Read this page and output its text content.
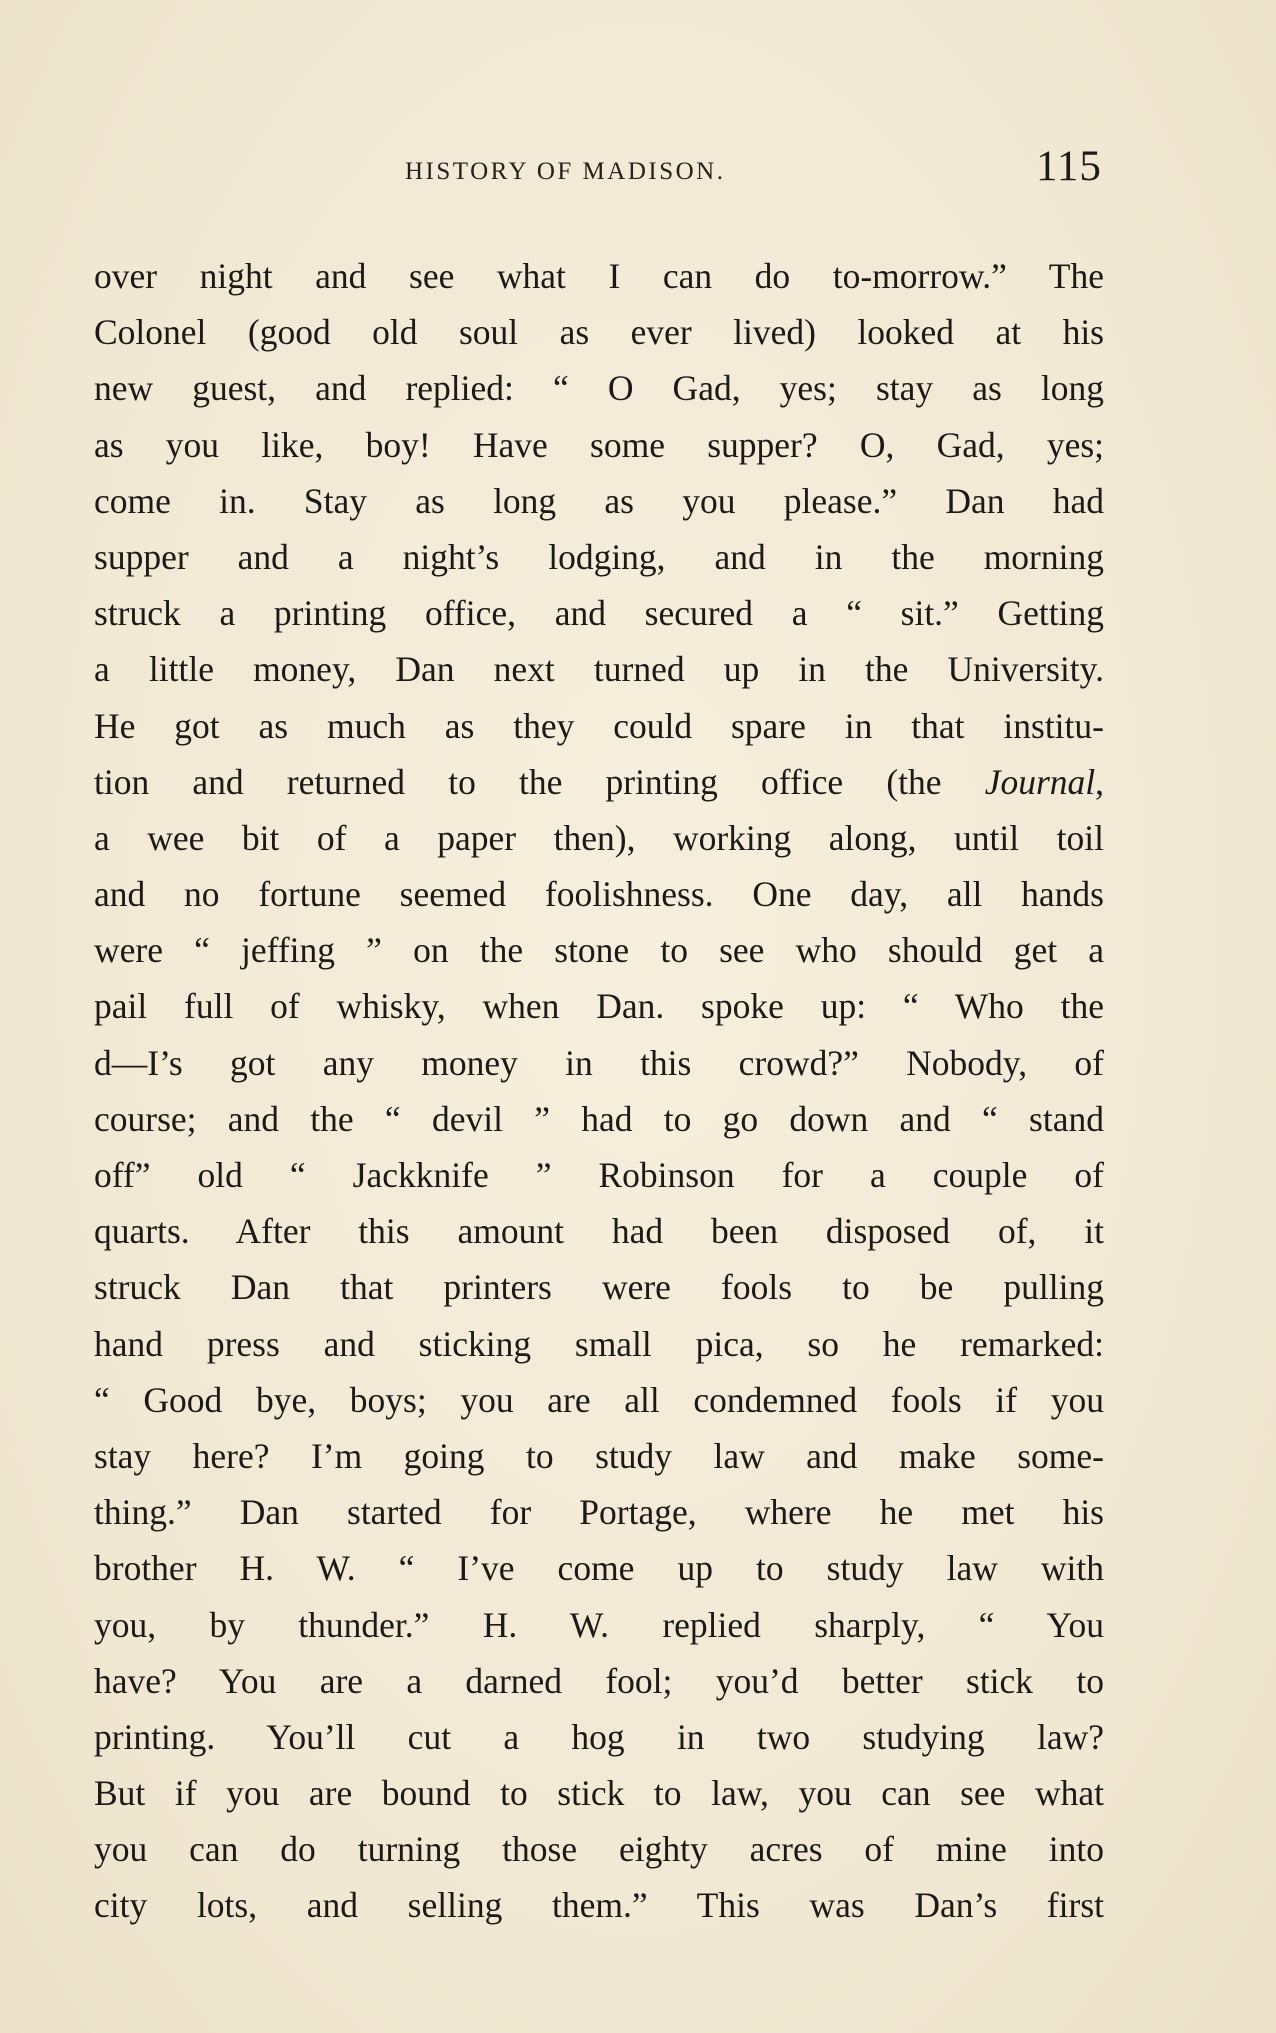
HISTORY OF MADISON.	115
over night and see what I can do to-morrow.” The
Colonel (good old soul as ever lived) looked at his
new guest, and replied: “ O Gad, yes; stay as long
as you like, boy! Have some supper? O, Gad, yes;
come in. Stay as long as you please.” Dan had
supper and a night’s lodging, and in the morning
struck a printing office, and secured a “ sit.” Getting
a little money, Dan next turned up in the University.
He got as much as they could spare in that institu-
tion and returned to the printing office (the Journal,
a wee bit of a paper then), working along, until toil
and no fortune seemed foolishness. One day, all hands
were “ jeffing ” on the stone to see who should get a
pail full of whisky, when Dan. spoke up: “ Who the
d—I’s got any money in this crowd?” Nobody, of
course; and the “ devil ” had to go down and “ stand
off” old “ Jackknife ” Robinson for a couple of
quarts. After this amount had been disposed of, it
struck Dan that printers were fools to be pulling
hand press and sticking small pica, so he remarked:
“ Good bye, boys; you are all condemned fools if you
stay here? I’m going to study law and make some-
thing.” Dan started for Portage, where he met his
brother H. W. “ I’ve come up to study law with
you, by thunder.” H. W. replied sharply, “ You
have? You are a darned fool; you’d better stick to
printing. You’ll cut a hog in two studying law?
But if you are bound to stick to law, you can see what
you can do turning those eighty acres of mine into
city lots, and selling them.” This was Dan’s first
